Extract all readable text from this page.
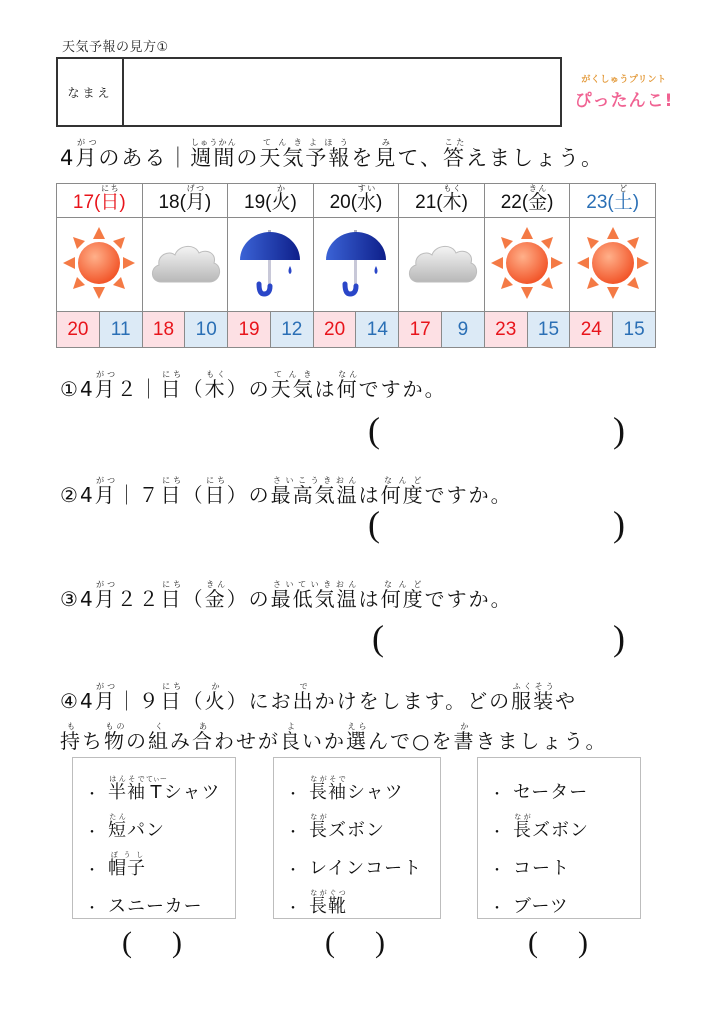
天気予報の見方①
なまえ
がくしゅうプリント
ぴったんこ!
4月がつのある｜週間しゅうかんの天気予報てんきよほうを見みて、答こたえましょう。
17(日にち)		18(月げつ)		19(火か)		20(水すい)		21(木もく)		22(金きん)		23(土ど)	

20	11	18	10	19	12	20	14	17	9	23	15	24	15
①4月がつ２｜日にち（木もく）の天気てんきは何なんですか。
(	)
②4月がつ｜７日にち（日にち）の最高気温さいこうきおんは何度なんどですか。
(	)
③4月がつ２２日にち（金きん）の最低気温さいていきおんは何度なんどですか。
(	)
④4月がつ｜９日にち（火か）にお出でかけをします。どの服装ふくそうや
持もち物ものの組くみ合あわせが良よいか選えらんで○を書かきましょう。
・ 半袖はんそでTてぃーシャツ
・ 短たんパン
・ 帽子ぼうし
・ スニーカー
・ 長袖ながそでシャツ
・ 長ながズボン
・ レインコート
・ 長靴ながぐつ
・ セーター
・ 長ながズボン
・ コート
・ ブーツ
( )	( )	( )
